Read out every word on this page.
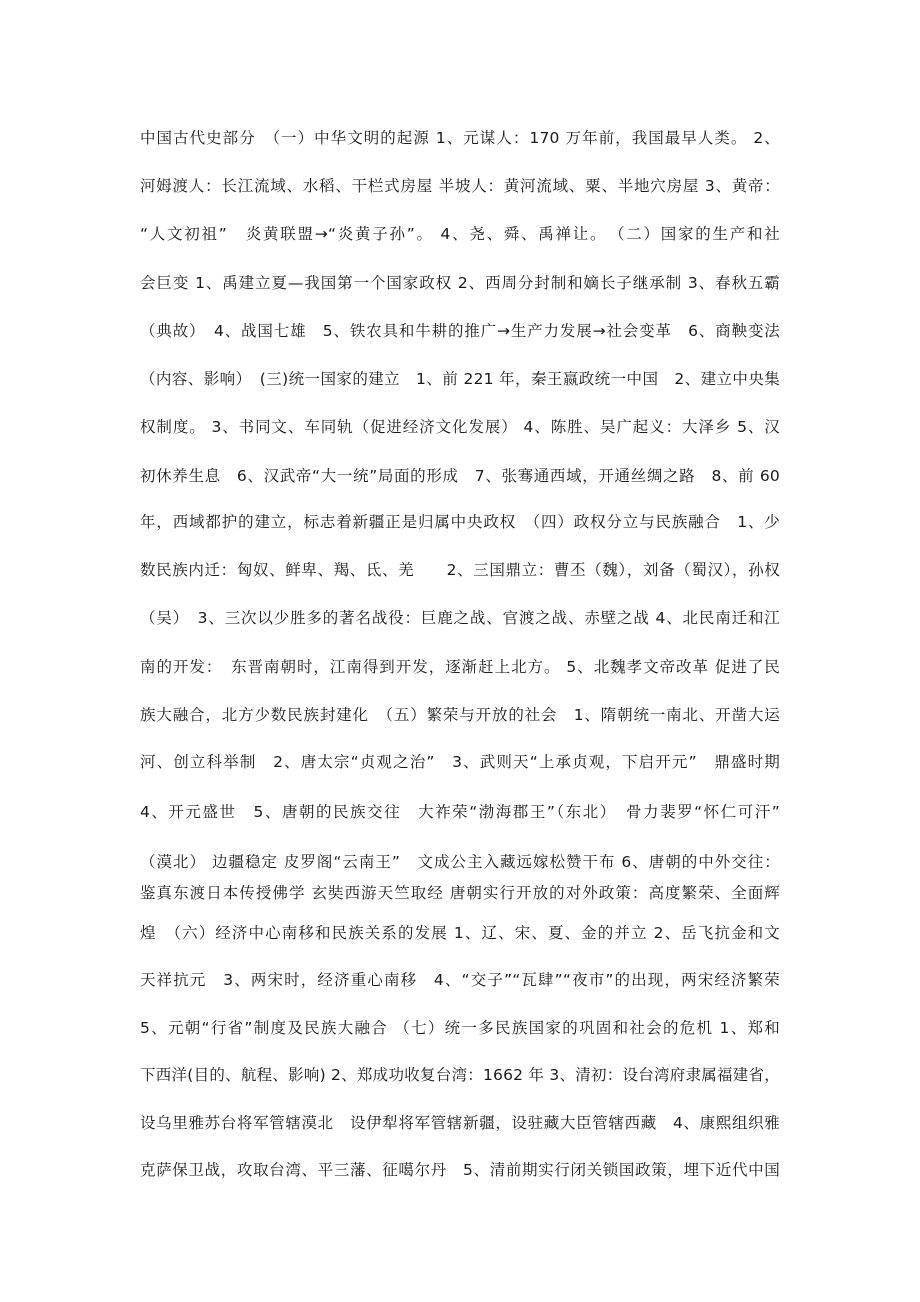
中国古代史部分　（一）中华文明的起源 1、元谋人：170 万年前，我国最早人类。 2、
河姆渡人：长江流域、水稻、干栏式房屋 半坡人：黄河流域、粟、半地穴房屋 3、黄帝：
“人文初祖”　炎黄联盟→“炎黄子孙”。 4、尧、舜、禹禅让。　（二）国家的生产和社
会巨变 1、禹建立夏—我国第一个国家政权 2、西周分封制和嫡长子继承制 3、春秋五霸
（典故）　4、战国七雄　5、铁农具和牛耕的推广→生产力发展→社会变革　6、商鞅变法
（内容、影响）　(三)统一国家的建立　1、前 221 年，秦王嬴政统一中国　2、建立中央集
权制度。 3、书同文、车同轨（促进经济文化发展） 4、陈胜、吴广起义：大泽乡 5、汉
初休养生息　6、汉武帝“大一统”局面的形成　7、张骞通西域，开通丝绸之路　8、前 60
年，西域都护的建立，标志着新疆正是归属中央政权　（四）政权分立与民族融合　1、少
数民族内迁：匈奴、鲜卑、羯、氐、羌　　2、三国鼎立：曹丕（魏），刘备（蜀汉），孙权
（吴）　3、三次以少胜多的著名战役：巨鹿之战、官渡之战、赤壁之战 4、北民南迁和江
南的开发：　东晋南朝时，江南得到开发，逐渐赶上北方。 5、北魏孝文帝改革 促进了民
族大融合，北方少数民族封建化　（五）繁荣与开放的社会　1、隋朝统一南北、开凿大运
河、创立科举制　2、唐太宗“贞观之治”　3、武则天“上承贞观，下启开元”　鼎盛时期
4、开元盛世　5、唐朝的民族交往　大祚荣“渤海郡王”（东北）　骨力裴罗“怀仁可汗”
（漠北） 边疆稳定 皮罗阁“云南王”　文成公主入藏远嫁松赞干布 6、唐朝的中外交往：
鉴真东渡日本传授佛学 玄奘西游天竺取经 唐朝实行开放的对外政策：高度繁荣、全面辉
煌　（六）经济中心南移和民族关系的发展 1、辽、宋、夏、金的并立 2、岳飞抗金和文
天祥抗元　3、两宋时，经济重心南移　4、“交子”“瓦肆”“夜市”的出现，两宋经济繁荣
5、元朝“行省”制度及民族大融合 （七）统一多民族国家的巩固和社会的危机 1、郑和
下西洋(目的、航程、影响) 2、郑成功收复台湾：1662 年 3、清初：设台湾府隶属福建省，
设乌里雅苏台将军管辖漠北　设伊犁将军管辖新疆，设驻藏大臣管辖西藏　4、康熙组织雅
克萨保卫战，攻取台湾、平三藩、征噶尔丹　5、清前期实行闭关锁国政策，埋下近代中国
